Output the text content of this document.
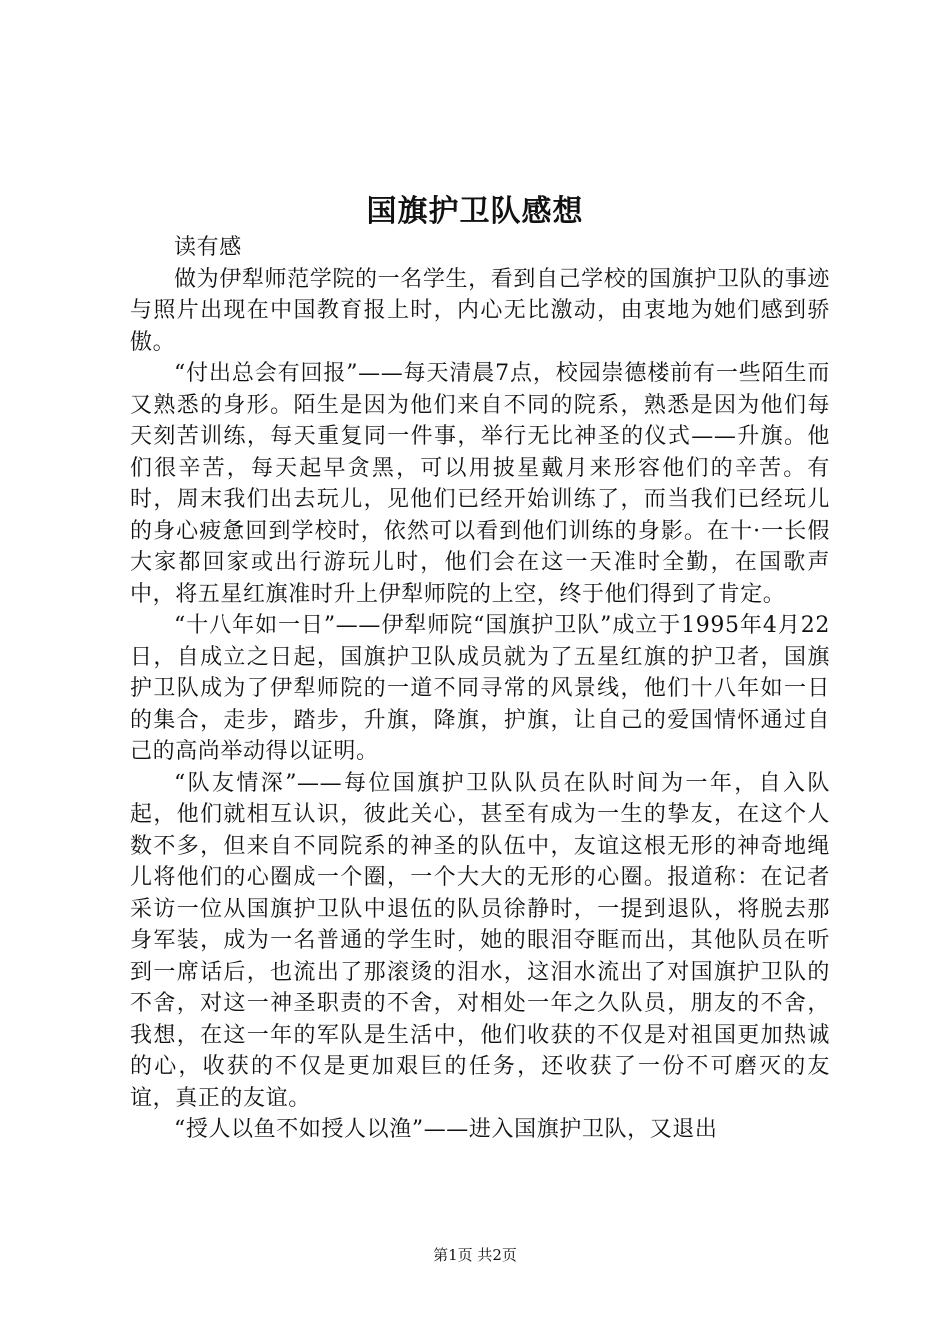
国旗护卫队感想

读有感

做为伊犁师范学院的一名学生，看到自己学校的国旗护卫队的事迹与照片出现在中国教育报上时，内心无比激动，由衷地为她们感到骄傲。

“付出总会有回报”——每天清晨7点，校园崇德楼前有一些陌生而又熟悉的身形。陌生是因为他们来自不同的院系，熟悉是因为他们每天刻苦训练，每天重复同一件事，举行无比神圣的仪式——升旗。他们很辛苦，每天起早贪黑，可以用披星戴月来形容他们的辛苦。有时，周末我们出去玩儿，见他们已经开始训练了，而当我们已经玩儿的身心疲惫回到学校时，依然可以看到他们训练的身影。在十·一长假大家都回家或出行游玩儿时，他们会在这一天准时全勤，在国歌声中，将五星红旗准时升上伊犁师院的上空，终于他们得到了肯定。

“十八年如一日”——伊犁师院“国旗护卫队”成立于1995年4月22日，自成立之日起，国旗护卫队成员就为了五星红旗的护卫者，国旗护卫队成为了伊犁师院的一道不同寻常的风景线，他们十八年如一日的集合，走步，踏步，升旗，降旗，护旗，让自己的爱国情怀通过自己的高尚举动得以证明。

“队友情深”——每位国旗护卫队队员在队时间为一年，自入队起，他们就相互认识，彼此关心，甚至有成为一生的挚友，在这个人数不多，但来自不同院系的神圣的队伍中，友谊这根无形的神奇地绳儿将他们的心圈成一个圈，一个大大的无形的心圈。报道称：在记者采访一位从国旗护卫队中退伍的队员徐静时，一提到退队，将脱去那身军装，成为一名普通的学生时，她的眼泪夺眶而出，其他队员在听到一席话后，也流出了那滚烫的泪水，这泪水流出了对国旗护卫队的不舍，对这一神圣职责的不舍，对相处一年之久队员，朋友的不舍，我想，在这一年的军队是生活中，他们收获的不仅是对祖国更加热诚的心，收获的不仅是更加艰巨的任务，还收获了一份不可磨灭的友谊，真正的友谊。

“授人以鱼不如授人以渔”——进入国旗护卫队，又退出

第1页 共2页
